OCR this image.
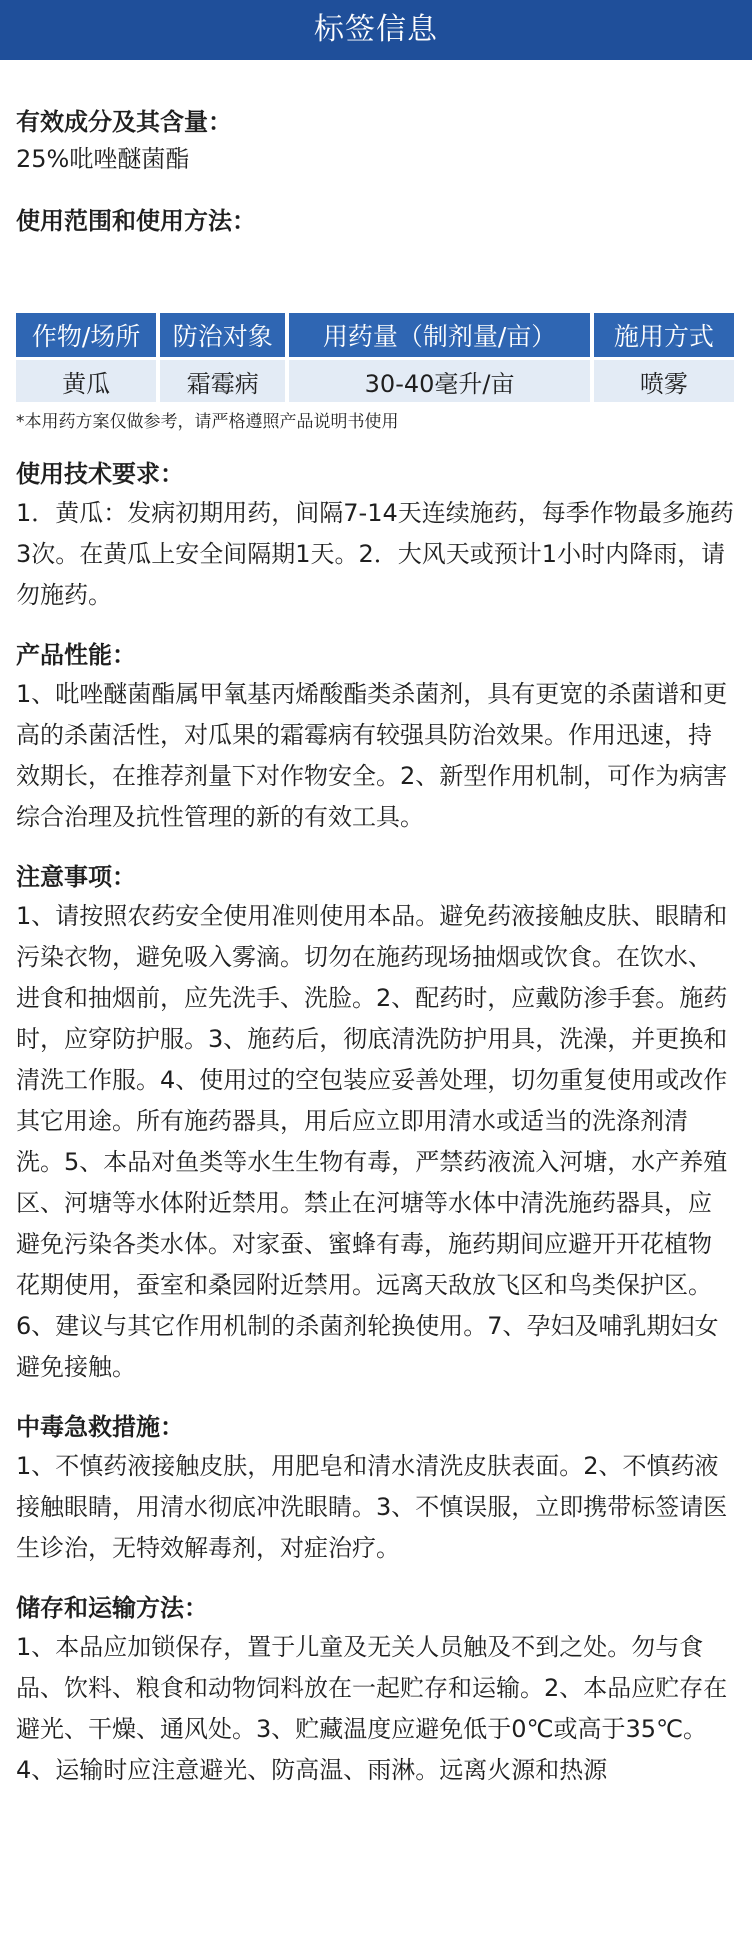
标签信息

有效成分及其含量：

25%吡唑醚菌酯

使用范围和使用方法：

作物/场所	防治对象	用药量（制剂量/亩）	施用方式
黄瓜	霜霉病	30-40毫升/亩	喷雾

*本用药方案仅做参考，请严格遵照产品说明书使用

使用技术要求：

1．黄瓜：发病初期用药，间隔7-14天连续施药，每季作物最多施药3次。在黄瓜上安全间隔期1天。2．大风天或预计1小时内降雨，请勿施药。

产品性能：

1、吡唑醚菌酯属甲氧基丙烯酸酯类杀菌剂，具有更宽的杀菌谱和更高的杀菌活性，对瓜果的霜霉病有较强具防治效果。作用迅速，持效期长，在推荐剂量下对作物安全。2、新型作用机制，可作为病害综合治理及抗性管理的新的有效工具。

注意事项：

1、请按照农药安全使用准则使用本品。避免药液接触皮肤、眼睛和污染衣物，避免吸入雾滴。切勿在施药现场抽烟或饮食。在饮水、进食和抽烟前，应先洗手、洗脸。2、配药时，应戴防渗手套。施药时，应穿防护服。3、施药后，彻底清洗防护用具，洗澡，并更换和清洗工作服。4、使用过的空包装应妥善处理，切勿重复使用或改作其它用途。所有施药器具，用后应立即用清水或适当的洗涤剂清洗。5、本品对鱼类等水生生物有毒，严禁药液流入河塘，水产养殖区、河塘等水体附近禁用。禁止在河塘等水体中清洗施药器具，应避免污染各类水体。对家蚕、蜜蜂有毒，施药期间应避开开花植物花期使用，蚕室和桑园附近禁用。远离天敌放飞区和鸟类保护区。6、建议与其它作用机制的杀菌剂轮换使用。7、孕妇及哺乳期妇女避免接触。

中毒急救措施：

1、不慎药液接触皮肤，用肥皂和清水清洗皮肤表面。2、不慎药液接触眼睛，用清水彻底冲洗眼睛。3、不慎误服，立即携带标签请医生诊治，无特效解毒剂，对症治疗。

储存和运输方法：

1、本品应加锁保存，置于儿童及无关人员触及不到之处。勿与食品、饮料、粮食和动物饲料放在一起贮存和运输。2、本品应贮存在避光、干燥、通风处。3、贮藏温度应避免低于0℃或高于35℃。4、运输时应注意避光、防高温、雨淋。远离火源和热源
